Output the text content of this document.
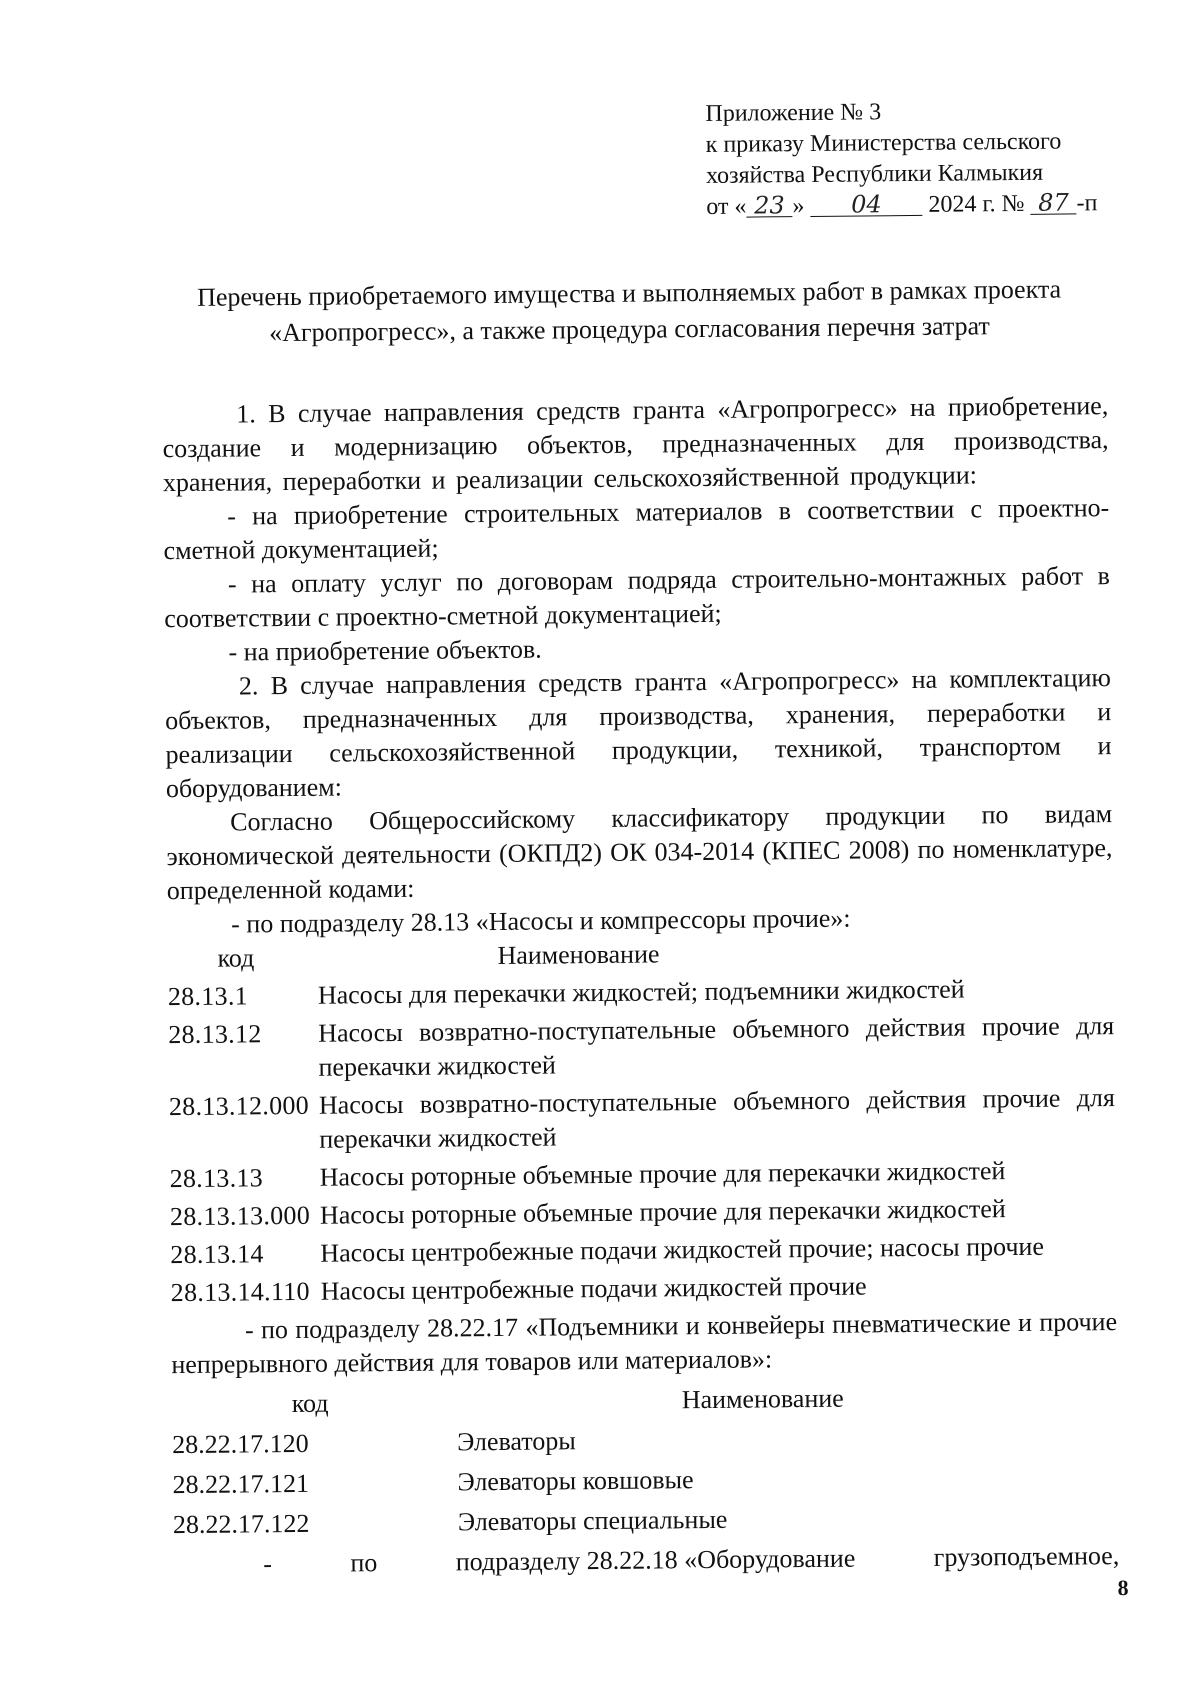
Приложение № 3
к приказу Министерства сельского
хозяйства Республики Калмыкия
от « 23 » 04 2024 г. № 87 -п
Перечень приобретаемого имущества и выполняемых работ в рамках проекта
«Агропрогресс», а также процедура согласования перечня затрат
1. В случае направления средств гранта «Агропрогресс» на приобретение, создание и модернизацию объектов, предназначенных для производства, хранения, переработки и реализации сельскохозяйственной продукции:
- на приобретение строительных материалов в соответствии с проектно-сметной документацией;
- на оплату услуг по договорам подряда строительно-монтажных работ в соответствии с проектно-сметной документацией;
- на приобретение объектов.
2. В случае направления средств гранта «Агропрогресс» на комплектацию объектов, предназначенных для производства, хранения, переработки и реализации сельскохозяйственной продукции, техникой, транспортом и оборудованием:
Согласно Общероссийскому классификатору продукции по видам экономической деятельности (ОКПД2) ОК 034-2014 (КПЕС 2008) по номенклатуре, определенной кодами:
- по подразделу 28.13 «Насосы и компрессоры прочие»:
код	Наименование
28.13.1	Насосы для перекачки жидкостей; подъемники жидкостей
28.13.12	Насосы возвратно-поступательные объемного действия прочие для перекачки жидкостей
28.13.12.000 Насосы возвратно-поступательные объемного действия прочие для перекачки жидкостей
28.13.13	Насосы роторные объемные прочие для перекачки жидкостей
28.13.13.000 Насосы роторные объемные прочие для перекачки жидкостей
28.13.14	Насосы центробежные подачи жидкостей прочие; насосы прочие
28.13.14.110 Насосы центробежные подачи жидкостей прочие
- по подразделу 28.22.17 «Подъемники и конвейеры пневматические и прочие непрерывного действия для товаров или материалов»:
код	Наименование
28.22.17.120	Элеваторы
28.22.17.121	Элеваторы ковшовые
28.22.17.122	Элеваторы специальные
-	по	подразделу 28.22.18 «Оборудование	грузоподъемное,
8
